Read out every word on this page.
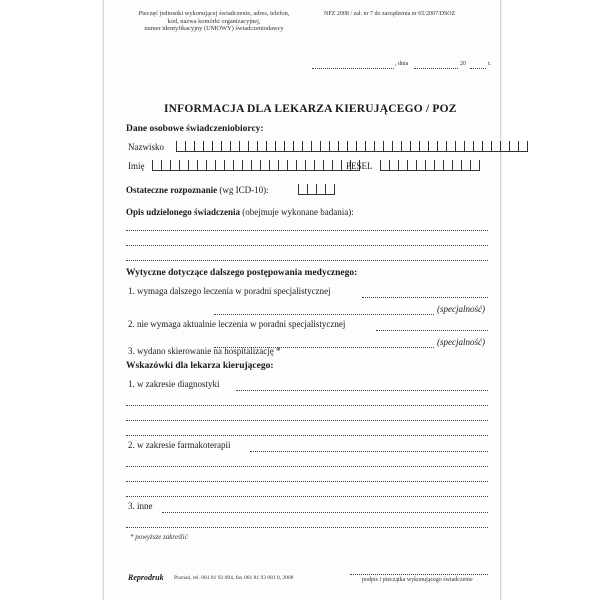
Pieczęć jednostki wykonującej świadczenie, adres, telefon,
kod, nazwa komórki organizacyjnej,
numer identyfikacyjny (UMOWY) świadczeniodawcy
NFZ 2008 / zał. nr 7 do zarządzenia nr 65/2007/DSOZ
, dnia	20	r.
INFORMACJA DLA LEKARZA KIERUJĄCEGO / POZ
Dane osobowe świadczeniobiorcy:
Nazwisko
Imię	PESEL
Ostateczne rozpoznanie (wg ICD-10):
Opis udzielonego świadczenia (obejmuje wykonane badania):
Wytyczne dotyczące dalszego postępowania medycznego:
1. wymaga dalszego leczenia w poradni specjalistycznej
(specjalność)
2. nie wymaga aktualnie leczenia w poradni specjalistycznej
(specjalność)
3. wydano skierowanie na hospitalizację *
Wskazówki dla lekarza kierującego:
1. w zakresie diagnostyki
2. w zakresie farmakoterapii
3. inne
* powyższe zakreślić
Reprodruk Poznań, tel. 061 81 93 094, fax 061 81 93 081 8, 2008	podpis i pieczątka wykonującego świadczenie
